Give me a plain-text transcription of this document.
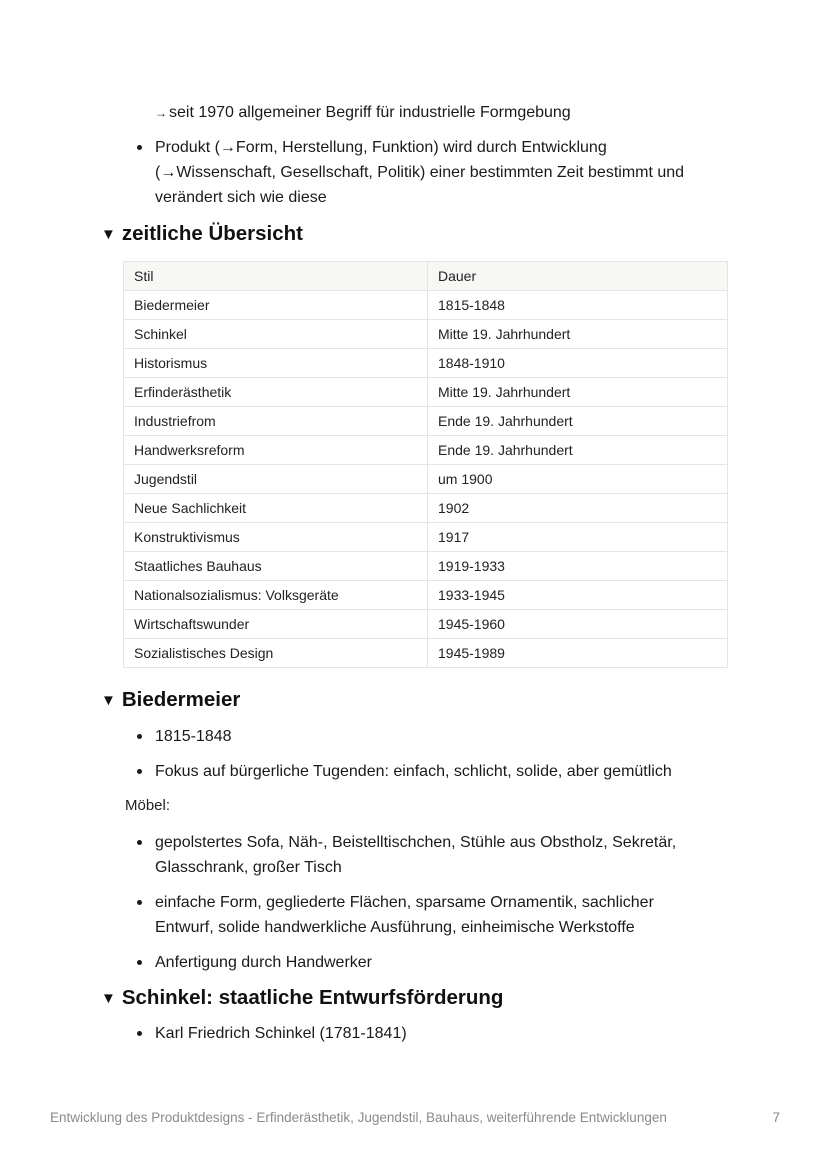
→ seit 1970 allgemeiner Begriff für industrielle Formgebung
Produkt (→Form, Herstellung, Funktion) wird durch Entwicklung
(→Wissenschaft, Gesellschaft, Politik) einer bestimmten Zeit bestimmt und
verändert sich wie diese
▼ zeitliche Übersicht
Stil	Dauer
Biedermeier	1815-1848
Schinkel	Mitte 19. Jahrhundert
Historismus	1848-1910
Erfinderästhetik	Mitte 19. Jahrhundert
Industriefrom	Ende 19. Jahrhundert
Handwerksreform	Ende 19. Jahrhundert
Jugendstil	um 1900
Neue Sachlichkeit	1902
Konstruktivismus	1917
Staatliches Bauhaus	1919-1933
Nationalsozialismus: Volksgeräte	1933-1945
Wirtschaftswunder	1945-1960
Sozialistisches Design	1945-1989
▼ Biedermeier
1815-1848
Fokus auf bürgerliche Tugenden: einfach, schlicht, solide, aber gemütlich
Möbel:
gepolstertes Sofa, Näh-, Beistelltischchen, Stühle aus Obstholz, Sekretär,
Glasschrank, großer Tisch
einfache Form, gegliederte Flächen, sparsame Ornamentik, sachlicher
Entwurf, solide handwerkliche Ausführung, einheimische Werkstoffe
Anfertigung durch Handwerker
▼ Schinkel: staatliche Entwurfsförderung
Karl Friedrich Schinkel (1781-1841)
Entwicklung des Produktdesigns - Erfinderästhetik, Jugendstil, Bauhaus, weiterführende Entwicklungen	7
